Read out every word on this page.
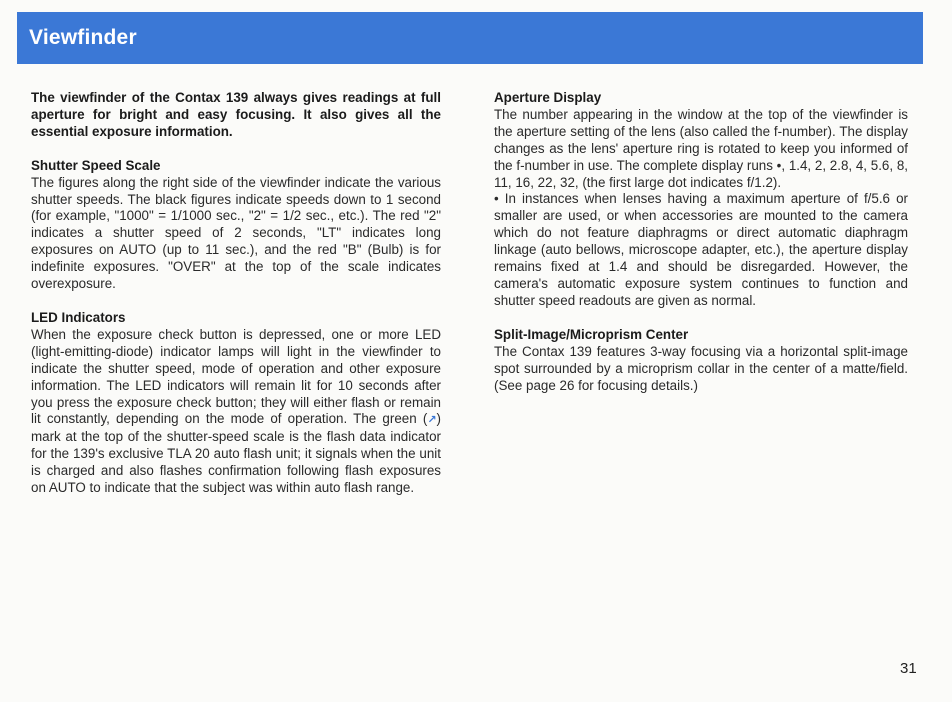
Viewfinder

The viewfinder of the Contax 139 always gives readings at full aperture for bright and easy focusing. It also gives all the essential exposure information.

Shutter Speed Scale

The figures along the right side of the viewfinder indicate the various shutter speeds. The black figures indicate speeds down to 1 second (for example, "1000" = 1/1000 sec., "2" = 1/2 sec., etc.). The red "2" indicates a shutter speed of 2 seconds, "LT" indicates long exposures on AUTO (up to 11 sec.), and the red "B" (Bulb) is for indefinite exposures. "OVER" at the top of the scale indicates overexposure.

LED Indicators

When the exposure check button is depressed, one or more LED (light-emitting-diode) indicator lamps will light in the viewfinder to indicate the shutter speed, mode of operation and other exposure information. The LED indicators will remain lit for 10 seconds after you press the exposure check button; they will either flash or remain lit constantly, depending on the mode of operation. The green (↗) mark at the top of the shutter-speed scale is the flash data indicator for the 139's exclusive TLA 20 auto flash unit; it signals when the unit is charged and also flashes confirmation following flash exposures on AUTO to indicate that the subject was within auto flash range.

Aperture Display

The number appearing in the window at the top of the viewfinder is the aperture setting of the lens (also called the f-number). The display changes as the lens' aperture ring is rotated to keep you informed of the f-number in use. The complete display runs •, 1.4, 2, 2.8, 4, 5.6, 8, 11, 16, 22, 32, (the first large dot indicates f/1.2).

• In instances when lenses having a maximum aperture of f/5.6 or smaller are used, or when accessories are mounted to the camera which do not feature diaphragms or direct automatic diaphragm linkage (auto bellows, microscope adapter, etc.), the aperture display remains fixed at 1.4 and should be disregarded. However, the camera's automatic exposure system continues to function and shutter speed readouts are given as normal.

Split-Image/Microprism Center

The Contax 139 features 3-way focusing via a horizontal split-image spot surrounded by a microprism collar in the center of a matte/field. (See page 26 for focusing details.)

31
